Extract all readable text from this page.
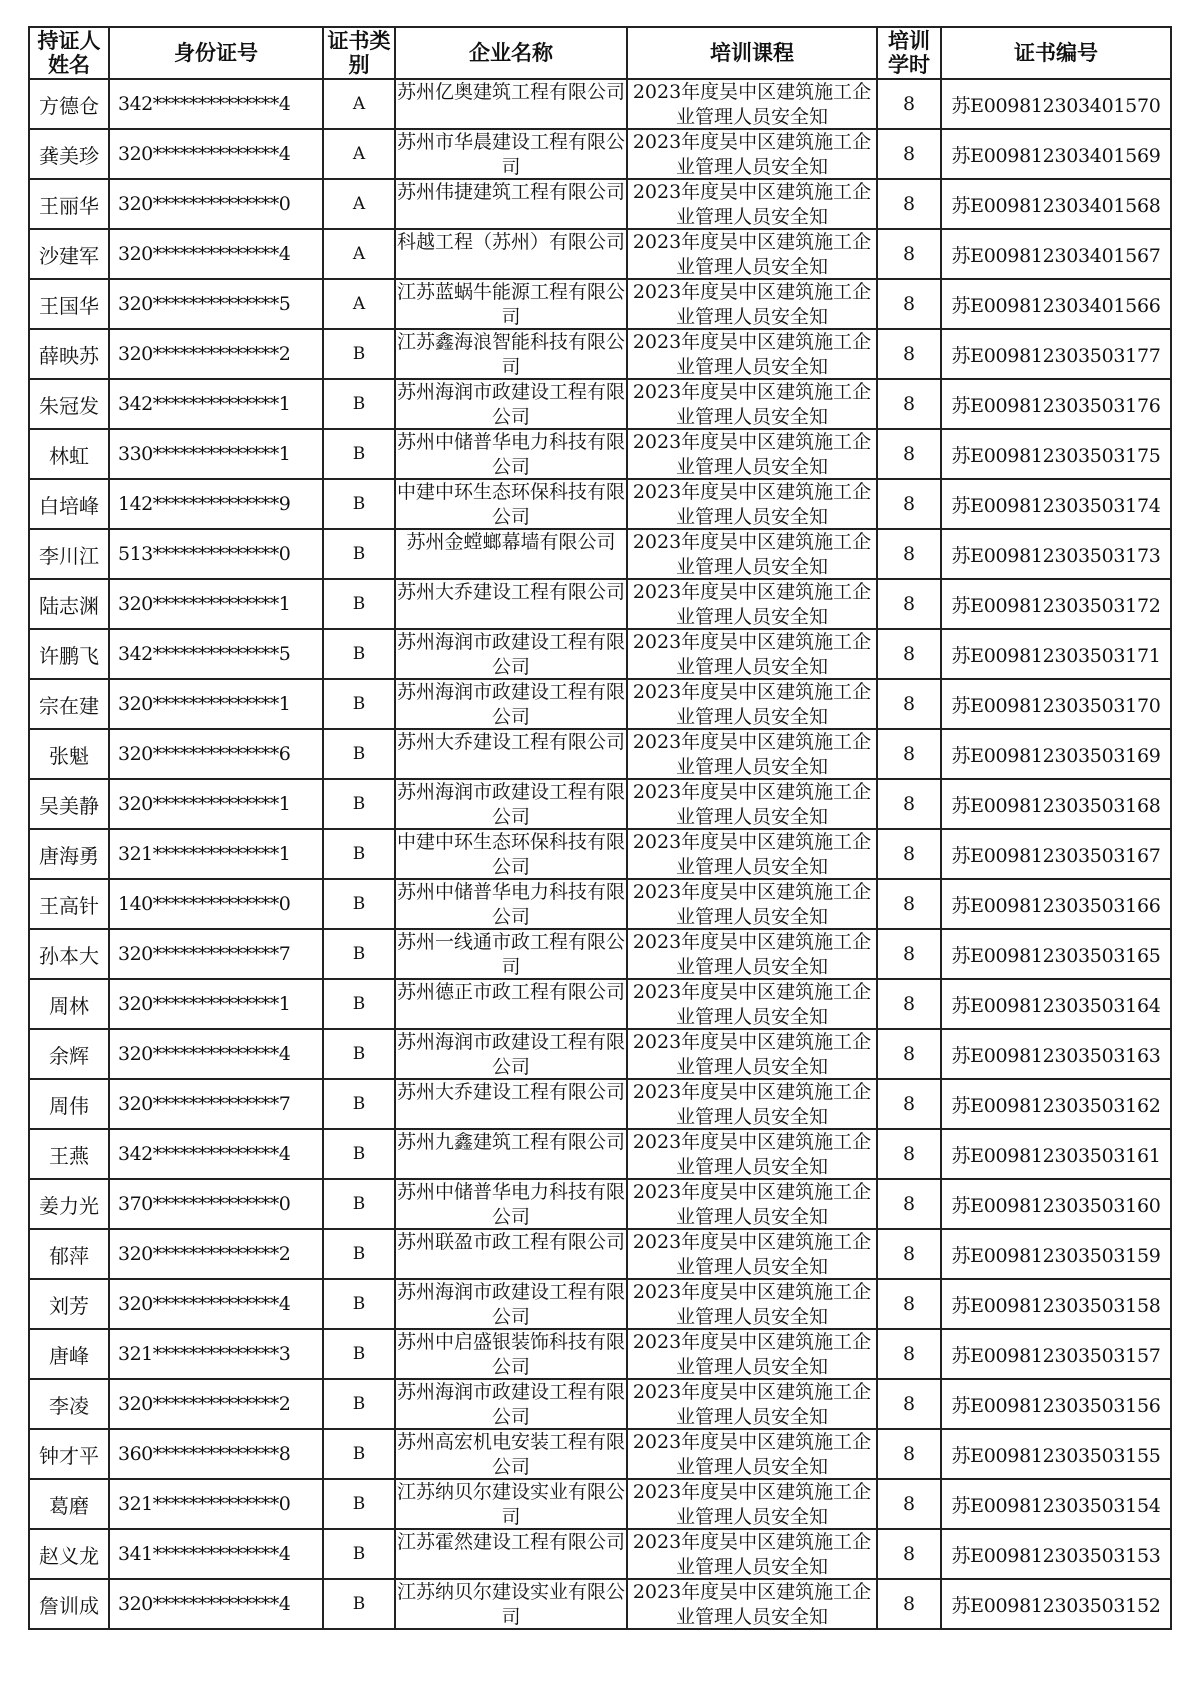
持证人姓名	身份证号	证书类别	企业名称	培训课程	培训学时	证书编号
方德仓	342**************4	A	苏州亿奥建筑工程有限公司	2023年度吴中区建筑施工企业管理人员安全知	8	苏E009812303401570
龚美珍	320**************4	A	苏州市华晨建设工程有限公司	2023年度吴中区建筑施工企业管理人员安全知	8	苏E009812303401569
王丽华	320**************0	A	苏州伟捷建筑工程有限公司	2023年度吴中区建筑施工企业管理人员安全知	8	苏E009812303401568
沙建军	320**************4	A	科越工程（苏州）有限公司	2023年度吴中区建筑施工企业管理人员安全知	8	苏E009812303401567
王国华	320**************5	A	江苏蓝蜗牛能源工程有限公司	2023年度吴中区建筑施工企业管理人员安全知	8	苏E009812303401566
薛映苏	320**************2	B	江苏鑫海浪智能科技有限公司	2023年度吴中区建筑施工企业管理人员安全知	8	苏E009812303503177
朱冠发	342**************1	B	苏州海润市政建设工程有限公司	2023年度吴中区建筑施工企业管理人员安全知	8	苏E009812303503176
林虹	330**************1	B	苏州中储普华电力科技有限公司	2023年度吴中区建筑施工企业管理人员安全知	8	苏E009812303503175
白培峰	142**************9	B	中建中环生态环保科技有限公司	2023年度吴中区建筑施工企业管理人员安全知	8	苏E009812303503174
李川江	513**************0	B	苏州金螳螂幕墙有限公司	2023年度吴中区建筑施工企业管理人员安全知	8	苏E009812303503173
陆志渊	320**************1	B	苏州大乔建设工程有限公司	2023年度吴中区建筑施工企业管理人员安全知	8	苏E009812303503172
许鹏飞	342**************5	B	苏州海润市政建设工程有限公司	2023年度吴中区建筑施工企业管理人员安全知	8	苏E009812303503171
宗在建	320**************1	B	苏州海润市政建设工程有限公司	2023年度吴中区建筑施工企业管理人员安全知	8	苏E009812303503170
张魁	320**************6	B	苏州大乔建设工程有限公司	2023年度吴中区建筑施工企业管理人员安全知	8	苏E009812303503169
吴美静	320**************1	B	苏州海润市政建设工程有限公司	2023年度吴中区建筑施工企业管理人员安全知	8	苏E009812303503168
唐海勇	321**************1	B	中建中环生态环保科技有限公司	2023年度吴中区建筑施工企业管理人员安全知	8	苏E009812303503167
王高针	140**************0	B	苏州中储普华电力科技有限公司	2023年度吴中区建筑施工企业管理人员安全知	8	苏E009812303503166
孙本大	320**************7	B	苏州一线通市政工程有限公司	2023年度吴中区建筑施工企业管理人员安全知	8	苏E009812303503165
周林	320**************1	B	苏州德正市政工程有限公司	2023年度吴中区建筑施工企业管理人员安全知	8	苏E009812303503164
余辉	320**************4	B	苏州海润市政建设工程有限公司	2023年度吴中区建筑施工企业管理人员安全知	8	苏E009812303503163
周伟	320**************7	B	苏州大乔建设工程有限公司	2023年度吴中区建筑施工企业管理人员安全知	8	苏E009812303503162
王燕	342**************4	B	苏州九鑫建筑工程有限公司	2023年度吴中区建筑施工企业管理人员安全知	8	苏E009812303503161
姜力光	370**************0	B	苏州中储普华电力科技有限公司	2023年度吴中区建筑施工企业管理人员安全知	8	苏E009812303503160
郁萍	320**************2	B	苏州联盈市政工程有限公司	2023年度吴中区建筑施工企业管理人员安全知	8	苏E009812303503159
刘芳	320**************4	B	苏州海润市政建设工程有限公司	2023年度吴中区建筑施工企业管理人员安全知	8	苏E009812303503158
唐峰	321**************3	B	苏州中启盛银装饰科技有限公司	2023年度吴中区建筑施工企业管理人员安全知	8	苏E009812303503157
李凌	320**************2	B	苏州海润市政建设工程有限公司	2023年度吴中区建筑施工企业管理人员安全知	8	苏E009812303503156
钟才平	360**************8	B	苏州高宏机电安装工程有限公司	2023年度吴中区建筑施工企业管理人员安全知	8	苏E009812303503155
葛磨	321**************0	B	江苏纳贝尔建设实业有限公司	2023年度吴中区建筑施工企业管理人员安全知	8	苏E009812303503154
赵义龙	341**************4	B	江苏霍然建设工程有限公司	2023年度吴中区建筑施工企业管理人员安全知	8	苏E009812303503153
詹训成	320**************4	B	江苏纳贝尔建设实业有限公司	2023年度吴中区建筑施工企业管理人员安全知	8	苏E009812303503152
